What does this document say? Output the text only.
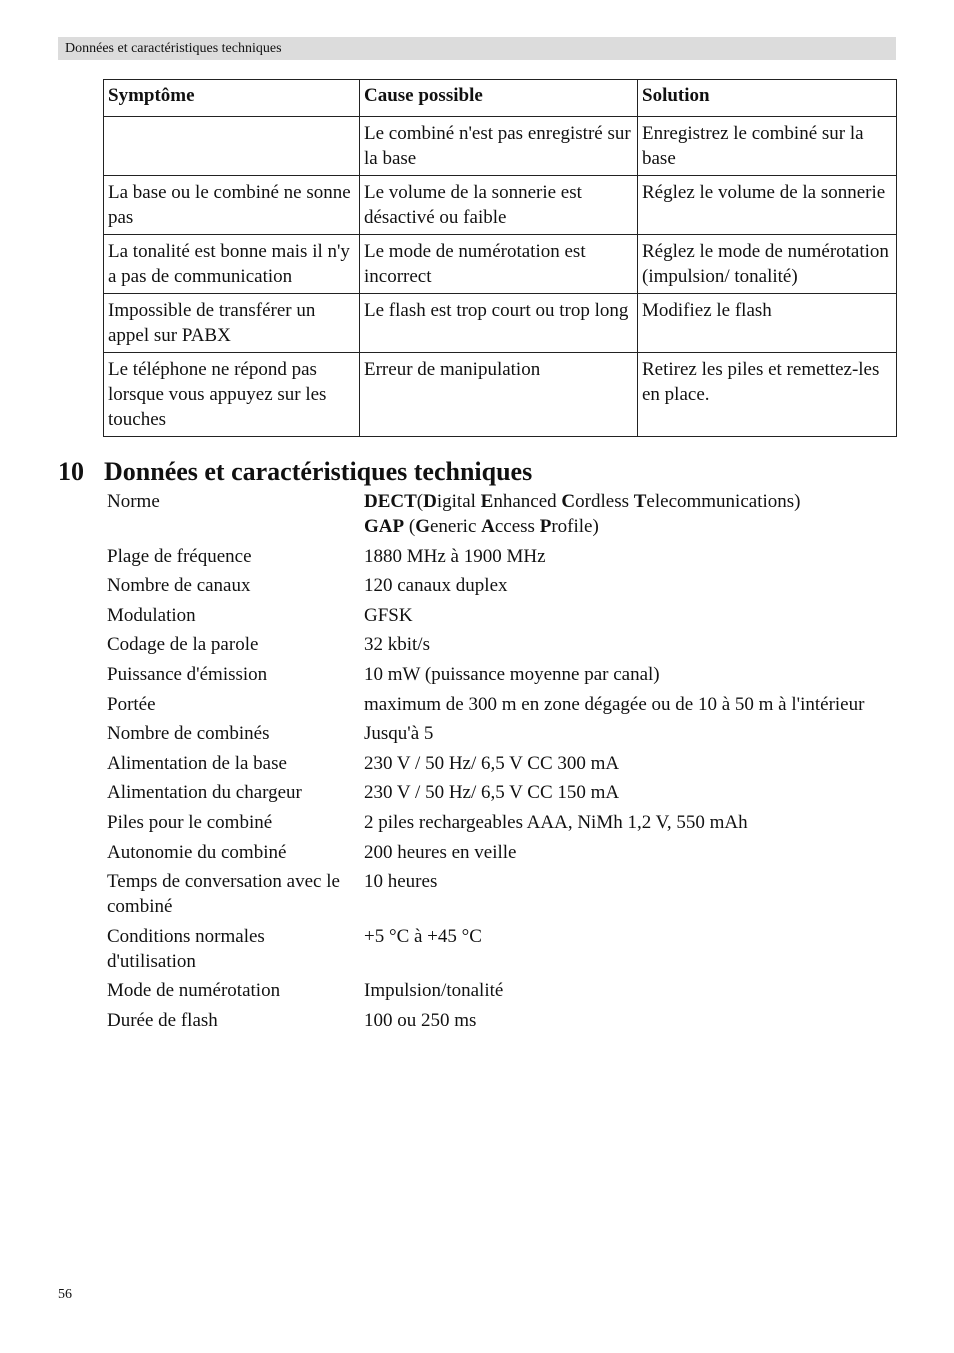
Données et caractéristiques techniques
Symptôme	Cause possible	Solution
	Le combiné n'est pas enregistré sur la base	Enregistrez le combiné sur la base
La base ou le combiné ne sonne pas	Le volume de la sonnerie est désactivé ou faible	Réglez le volume de la sonnerie
La tonalité est bonne mais il n'y a pas de communication	Le mode de numérotation est incorrect	Réglez le mode de numérotation (impulsion/ tonalité)
Impossible de transférer un appel sur PABX	Le flash est trop court ou trop long	Modifiez le flash
Le téléphone ne répond pas lorsque vous appuyez sur les touches	Erreur de manipulation	Retirez les piles et remettez-les en place.
10 Données et caractéristiques techniques
Norme	DECT(Digital Enhanced Cordless Telecommunications)
GAP (Generic Access Profile)

Plage de fréquence	1880 MHz à 1900 MHz
Nombre de canaux	120 canaux duplex
Modulation	GFSK
Codage de la parole	32 kbit/s
Puissance d'émission	10 mW (puissance moyenne par canal)
Portée	maximum de 300 m en zone dégagée ou de 10 à 50 m à l'intérieur
Nombre de combinés	Jusqu'à 5
Alimentation de la base	230 V / 50 Hz/ 6,5 V CC 300 mA
Alimentation du chargeur	230 V / 50 Hz/ 6,5 V CC 150 mA
Piles pour le combiné	2 piles rechargeables AAA, NiMh 1,2 V, 550 mAh
Autonomie du combiné	200 heures en veille
Temps de conversation avec le combiné	10 heures
Conditions normales d'utilisation	+5 °C à +45 °C
Mode de numérotation	Impulsion/tonalité
Durée de flash	100 ou 250 ms
56
